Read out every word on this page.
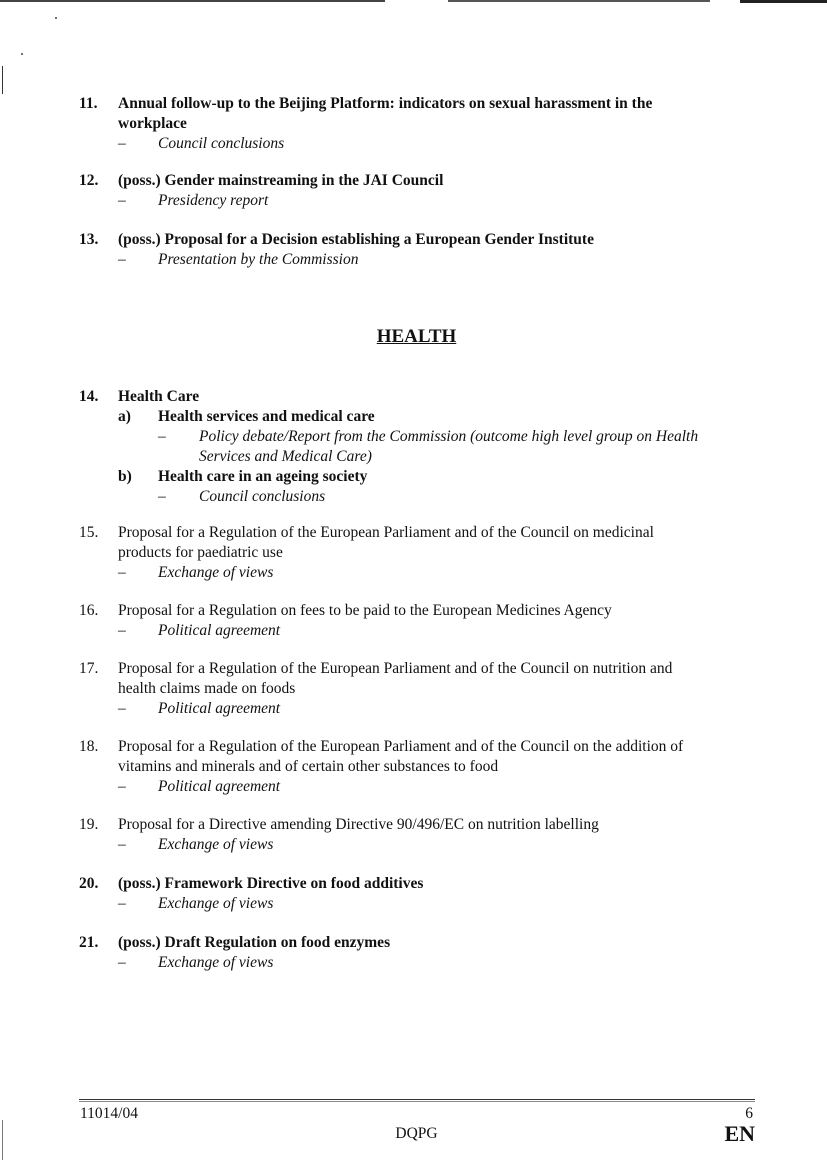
11.	Annual follow-up to the Beijing Platform: indicators on sexual harassment in the
workplace
– Council conclusions
12.	(poss.) Gender mainstreaming in the JAI Council
– Presidency report
13.	(poss.) Proposal for a Decision establishing a European Gender Institute
– Presentation by the Commission
HEALTH
14.	Health Care
a) Health services and medical care
– Policy debate/Report from the Commission (outcome high level group on Health
Services and Medical Care)
b) Health care in an ageing society
– Council conclusions
15.	Proposal for a Regulation of the European Parliament and of the Council on medicinal
products for paediatric use
– Exchange of views
16.	Proposal for a Regulation on fees to be paid to the European Medicines Agency
– Political agreement
17.	Proposal for a Regulation of the European Parliament and of the Council on nutrition and
health claims made on foods
– Political agreement
18.	Proposal for a Regulation of the European Parliament and of the Council on the addition of
vitamins and minerals and of certain other substances to food
– Political agreement
19.	Proposal for a Directive amending Directive 90/496/EC on nutrition labelling
– Exchange of views
20.	(poss.) Framework Directive on food additives
– Exchange of views
21.	(poss.) Draft Regulation on food enzymes
– Exchange of views
11014/04
DQPG
6
EN
